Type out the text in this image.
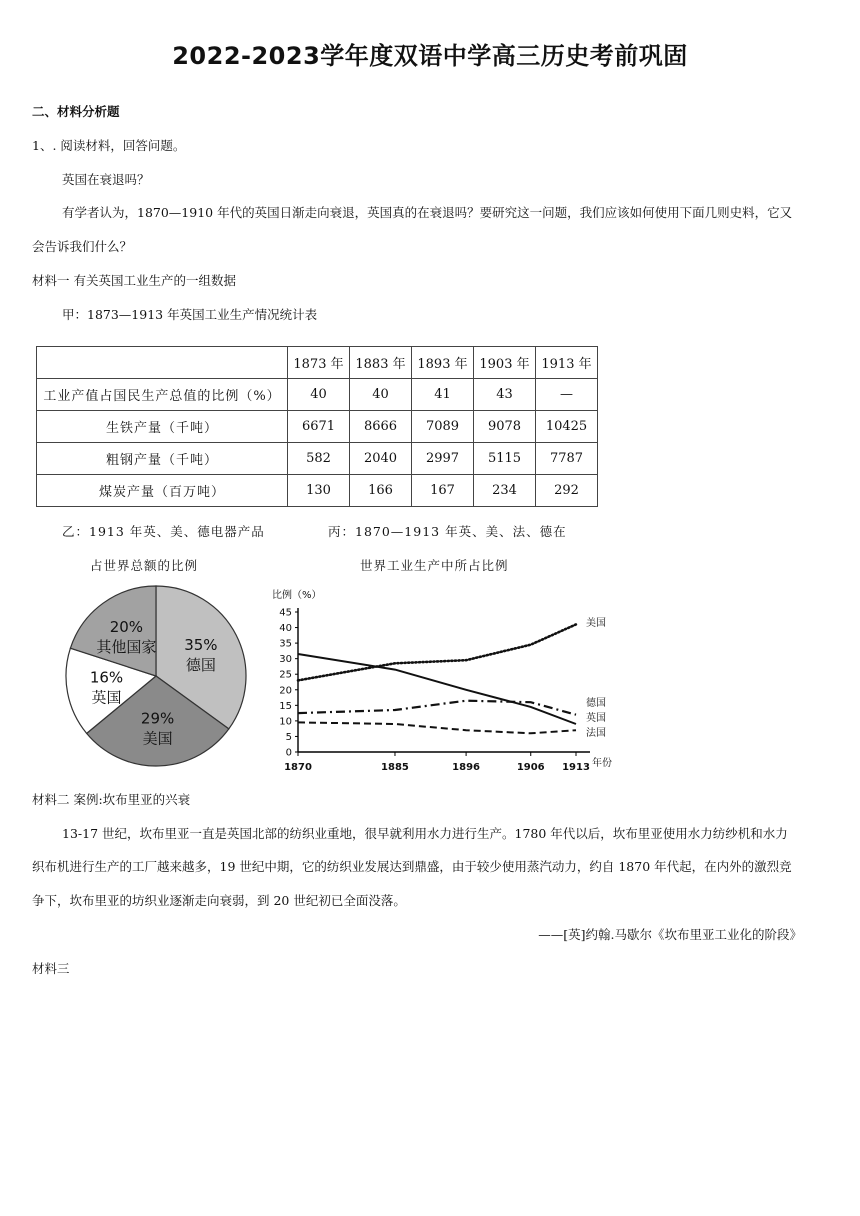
2022-2023学年度双语中学高三历史考前巩固
二、材料分析题
1、. 阅读材料，回答问题。
英国在衰退吗？
有学者认为，1870—1910 年代的英国日渐走向衰退，英国真的在衰退吗？要研究这一问题，我们应该如何使用下面几则史料，它又
会告诉我们什么？
材料一 有关英国工业生产的一组数据
甲：1873—1913 年英国工业生产情况统计表
	1873 年	1883 年	1893 年	1903 年	1913 年
工业产值占国民生产总值的比例（%）	40	40	41	43	—
生铁产量（千吨）	6671	8666	7089	9078	10425
粗钢产量（千吨）	582	2040	2997	5115	7787
煤炭产量（百万吨）	130	166	167	234	292
乙：1913 年英、美、德电器产品
占世界总额的比例
丙：1870—1913 年英、美、法、德在
世界工业生产中所占比例
35%
德国
29%
美国
16%
英国
20%
其他国家
比例（%）
0
5
10
15
20
25
30
35
40
45
1870	1885	1896	1906 1913 年份
美国
德国
英国
法国
材料二 案例:坎布里亚的兴衰
13-17 世纪，坎布里亚一直是英国北部的纺织业重地，很早就利用水力进行生产。1780 年代以后，坎布里亚使用水力纺纱机和水力
织布机进行生产的工厂越来越多，19 世纪中期，它的纺织业发展达到鼎盛，由于较少使用蒸汽动力，约自 1870 年代起，在内外的激烈竞
争下，坎布里亚的坊织业逐渐走向衰弱，到 20 世纪初已全面没落。
——[英]约翰.马歇尔《坎布里亚工业化的阶段》
材料三
